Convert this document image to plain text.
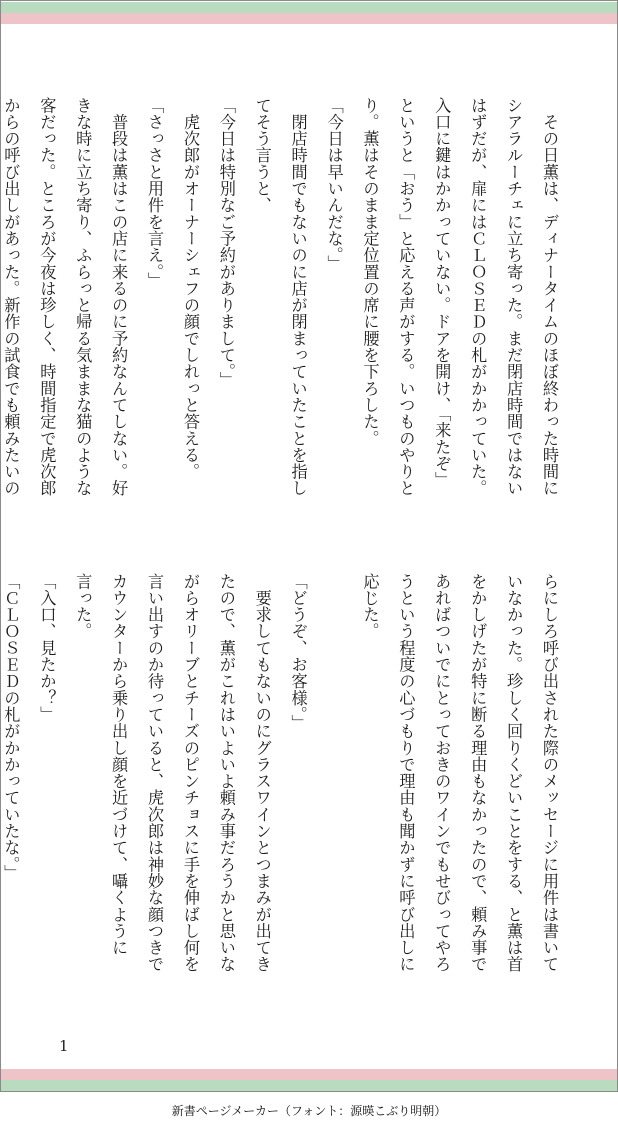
　その日薫は、ディナータイムのほぼ終わった時間に
シアラルーチェに立ち寄った。まだ閉店時間ではない
はずだが、扉にはＣＬＯＳＥＤの札がかかっていた。
入口に鍵はかかっていない。ドアを開け、「来たぞ」
というと「おう」と応える声がする。いつものやりと
り。薫はそのまま定位置の席に腰を下ろした。
「今日は早いんだな。」
　閉店時間でもないのに店が閉まっていたことを指し
てそう言うと、
「今日は特別なご予約がありまして。」
　虎次郎がオーナーシェフの顔でしれっと答える。
「さっさと用件を言え。」
　普段は薫はこの店に来るのに予約なんてしない。好
きな時に立ち寄り、ふらっと帰る気ままな猫のような
客だった。ところが今夜は珍しく、時間指定で虎次郎
からの呼び出しがあった。新作の試食でも頼みたいの
らにしろ呼び出された際のメッセージに用件は書いて
いなかった。珍しく回りくどいことをする、と薫は首
をかしげたが特に断る理由もなかったので、頼み事で
あればついでにとっておきのワインでもせびってやろ
うという程度の心づもりで理由も聞かずに呼び出しに
応じた。

「どうぞ、お客様。」
　要求してもないのにグラスワインとつまみが出てき
たので、薫がこれはいよいよ頼み事だろうかと思いな
がらオリーブとチーズのピンチョスに手を伸ばし何を
言い出すのか待っていると、虎次郎は神妙な顔つきで
カウンターから乗り出し顔を近づけて、囁くように
言った。
「入口、見たか？」
「ＣＬＯＳＥＤの札がかかっていたな。」
1
新書ページメーカー（フォント：源暎こぶり明朝）
